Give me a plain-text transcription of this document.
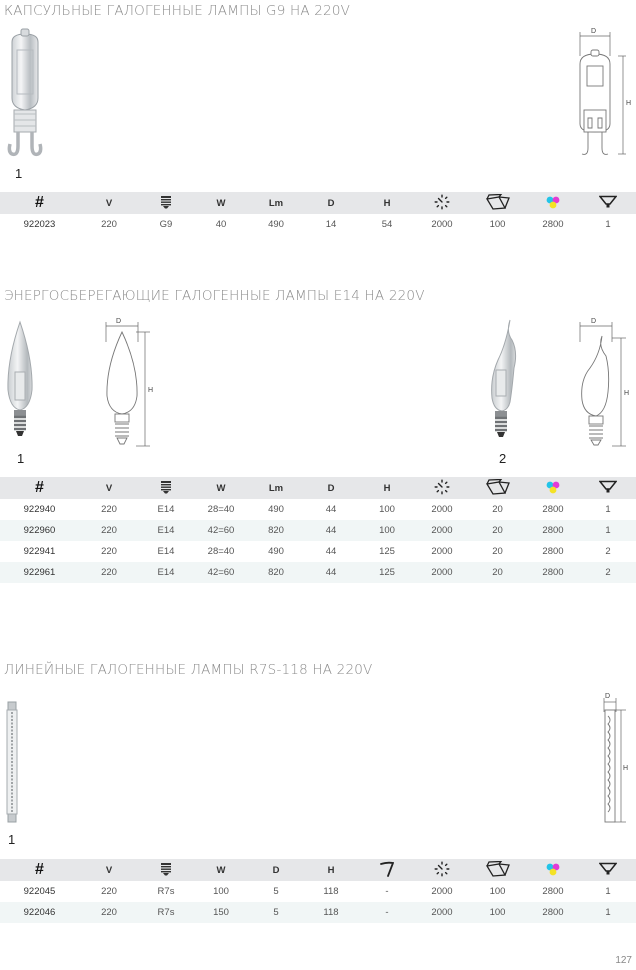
КАПСУЛЬНЫЕ ГАЛОГЕННЫЕ ЛАМПЫ G9 НА 220V
1
D
H
#	V		W	Lm	D	H				
922023	220	G9	40	490	14	54	2000	100	2800	1
ЭНЕРГОСБЕРЕГАЮЩИЕ ГАЛОГЕННЫЕ ЛАМПЫ E14 НА 220V
1
D
H
2
D
H
#	V		W	Lm	D	H				
922940	220	E14	28=40	490	44	100	2000	20	2800	1
922960	220	E14	42=60	820	44	100	2000	20	2800	1
922941	220	E14	28=40	490	44	125	2000	20	2800	2
922961	220	E14	42=60	820	44	125	2000	20	2800	2
ЛИНЕЙНЫЕ ГАЛОГЕННЫЕ ЛАМПЫ R7S-118 НА 220V
1
D
H
#	V		W	D	H					
922045	220	R7s	100	5	118	-	2000	100	2800	1
922046	220	R7s	150	5	118	-	2000	100	2800	1
127
